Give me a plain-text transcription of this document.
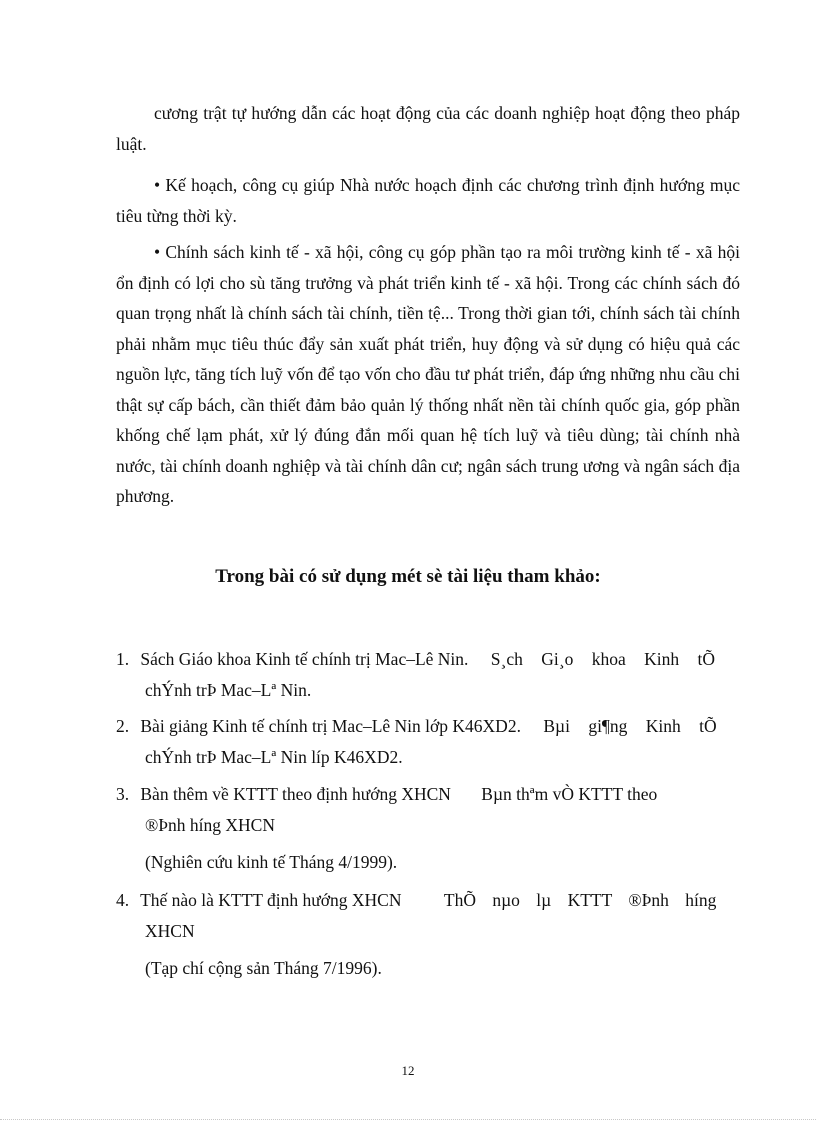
cương trật tự hướng dẫn các hoạt động của các doanh nghiệp hoạt động theo pháp luật.

• Kế hoạch, công cụ giúp Nhà nước hoạch định các chương trình định hướng mục tiêu từng thời kỳ.

• Chính sách kinh tế - xã hội, công cụ góp phần tạo ra môi trường kinh tế - xã hội ổn định có lợi cho sù tăng trưởng và phát triển kinh tế - xã hội. Trong các chính sách đó quan trọng nhất là chính sách tài chính, tiền tệ... Trong thời gian tới, chính sách tài chính phải nhằm mục tiêu thúc đẩy sản xuất phát triển, huy động và sử dụng có hiệu quả các nguồn lực, tăng tích luỹ vốn để tạo vốn cho đầu tư phát triển, đáp ứng những nhu cầu chi thật sự cấp bách, cần thiết đảm bảo quản lý thống nhất nền tài chính quốc gia, góp phần khống chế lạm phát, xử lý đúng đắn mối quan hệ tích luỹ và tiêu dùng; tài chính nhà nước, tài chính doanh nghiệp và tài chính dân cư; ngân sách trung ương và ngân sách địa phương.

Trong bài có sử dụng mét sè tài liệu tham khảo:

1. Sách Giáo khoa Kinh tế chính trị Mac–Lê Nin. S¸ch Gi¸o khoa Kinh tÕ
chÝnh trÞ Mac–Lª Nin.
2. Bài giảng Kinh tế chính trị Mac–Lê Nin lớp K46XD2. Bµi gi¶ng Kinh tÕ
chÝnh trÞ Mac–Lª Nin líp K46XD2.
3. Bàn thêm về KTTT theo định hướng XHCN Bµn thªm vÒ KTTT theo
®Þnh híng XHCN

(Nghiên cứu kinh tế Tháng 4/1999).

4. Thế nào là KTTT định hướng XHCN ThÕ nµo lµ KTTT ®Þnh híng
XHCN

(Tạp chí cộng sản Tháng 7/1996).

12
